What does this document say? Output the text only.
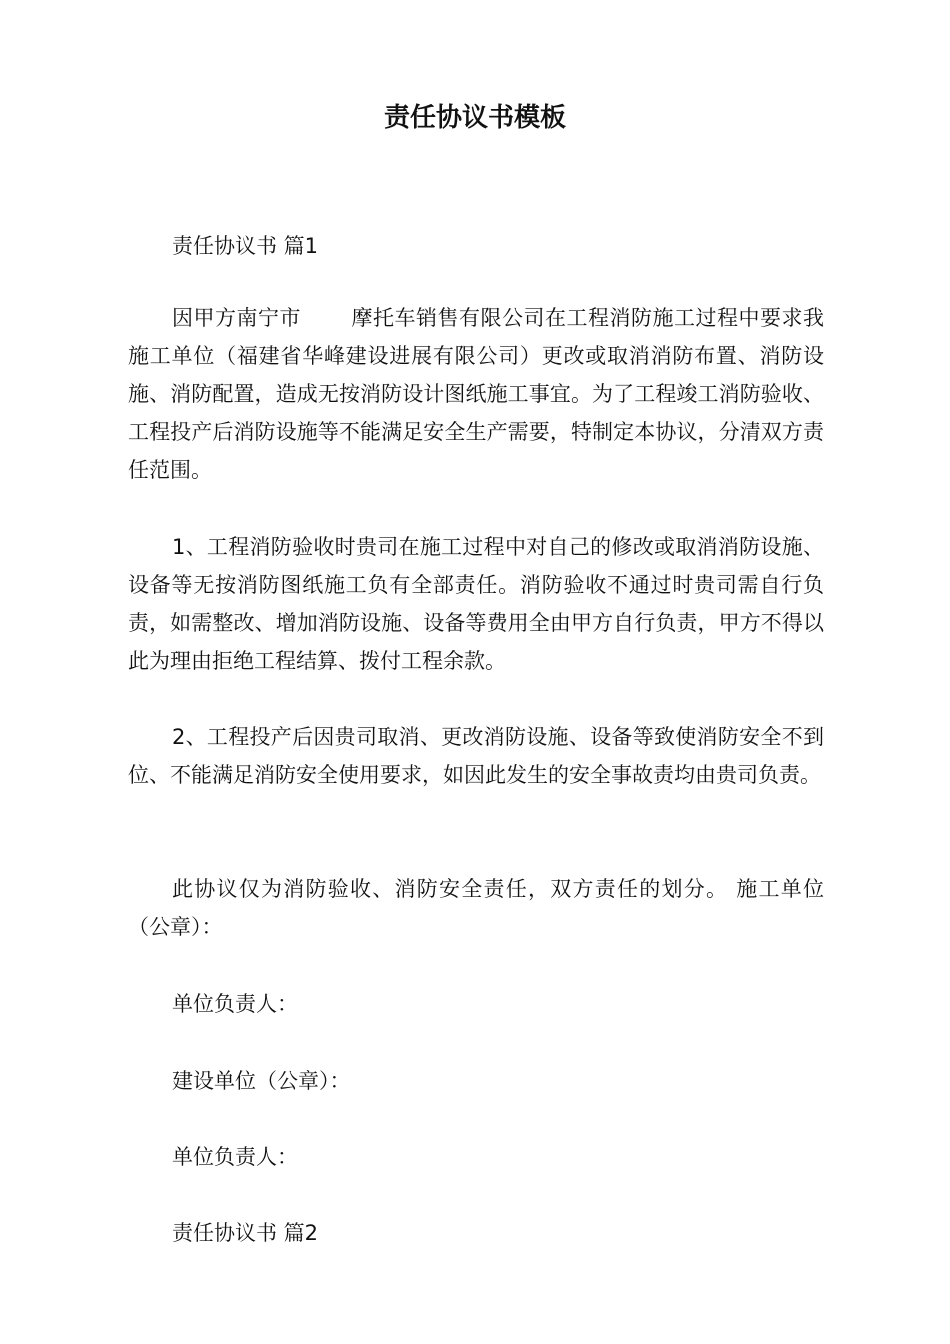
责任协议书模板

责任协议书 篇1

因甲方南宁市 摩托车销售有限公司在工程消防施工过程中要求我施工单位（福建省华峰建设进展有限公司）更改或取消消防布置、消防设施、消防配置，造成无按消防设计图纸施工事宜。为了工程竣工消防验收、工程投产后消防设施等不能满足安全生产需要，特制定本协议，分清双方责任范围。

1、工程消防验收时贵司在施工过程中对自己的修改或取消消防设施、设备等无按消防图纸施工负有全部责任。消防验收不通过时贵司需自行负责，如需整改、增加消防设施、设备等费用全由甲方自行负责，甲方不得以此为理由拒绝工程结算、拨付工程余款。

2、工程投产后因贵司取消、更改消防设施、设备等致使消防安全不到位、不能满足消防安全使用要求，如因此发生的安全事故责均由贵司负责。

此协议仅为消防验收、消防安全责任，双方责任的划分。 施工单位（公章）：

单位负责人：

建设单位（公章）：

单位负责人：

责任协议书 篇2
